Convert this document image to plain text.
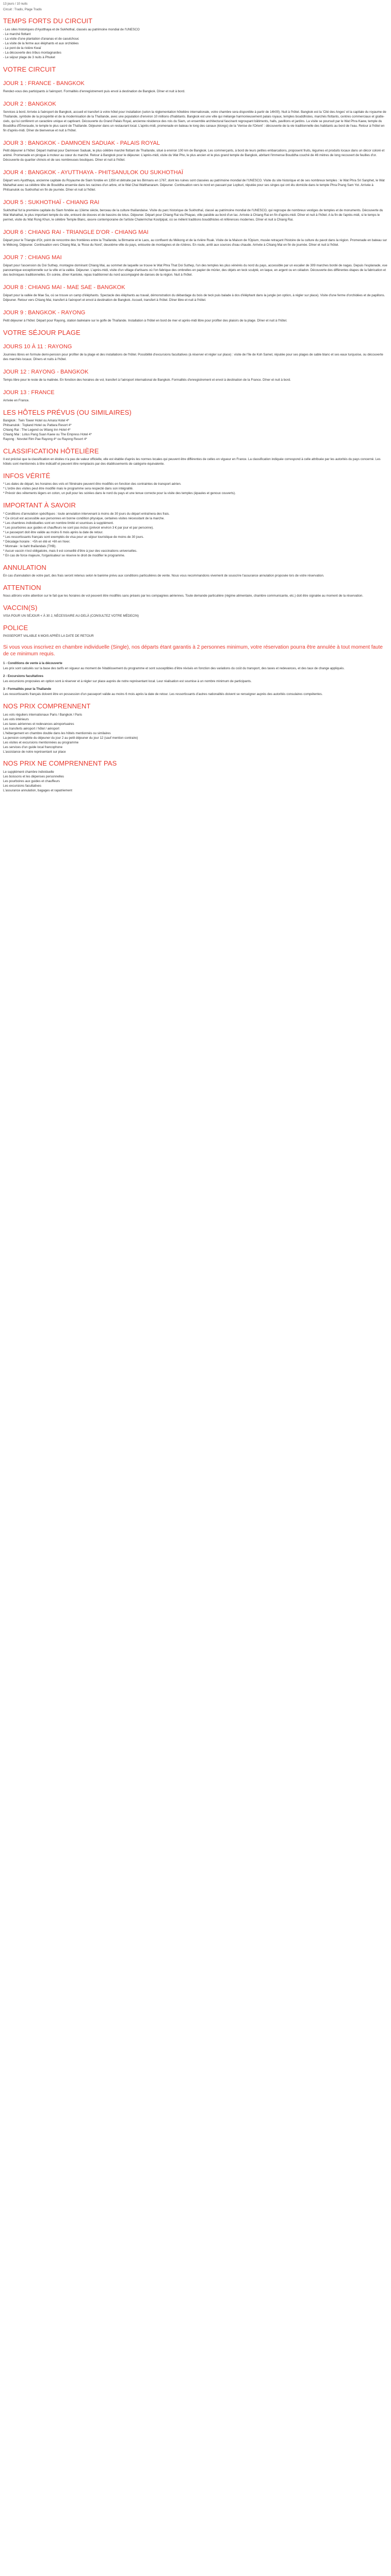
13 jours / 10 nuits
Circuit : Tradis, Plage Tradis
TEMPS FORTS DU CIRCUIT
- Les sites historiques d'Ayutthaya et de Sukhothaï, classés au patrimoine mondial de l'UNESCO
- Le marché flottant
- La visite d'une plantation d'ananas et de caoutchouc
- La visite de la ferme aux éléphants et aux orchidées
- Le pont de la rivière Kwaï
- La découverte des tribus montagnardes
- Le séjour plage de 3 nuits à Phuket
VOTRE CIRCUIT
JOUR 1 : FRANCE - BANGKOK

Rendez-vous des participants à l'aéroport. Formalités d'enregistrement puis envol à destination de Bangkok. Dîner et nuit à bord.

JOUR 2 : BANGKOK

Services à bord. Arrivée à l'aéroport de Bangkok, accueil et transfert à votre hôtel pour installation (selon la réglementation hôtelière internationale, votre chambre sera disponible à partir de 14h00). Nuit à l'hôtel. Bangkok est la 'Cité des Anges' et la capitale du royaume de Thaïlande, symbole de la prospérité et de la modernisation de la Thaïlande, avec une population d'environ 10 millions d'habitants. Bangkok est une ville qui mélange harmonieusement palais royaux, temples bouddhistes, marchés flottants, centres commerciaux et gratte-ciels, qui lui confèrent un caractère unique et captivant. Découverte du Grand Palais Royal, ancienne résidence des rois du Siam, un ensemble architectural fascinant regroupant bâtiments, halls, pavillons et jardins. La visite se poursuit par le Wat Phra Kaew, temple du Bouddha d'Émeraude, le temple le plus sacré de Thaïlande. Déjeuner dans un restaurant local. L'après-midi, promenade en bateau le long des canaux (klongs) de la 'Venise de l'Orient' : découverte de la vie traditionnelle des habitants au bord de l'eau. Retour à l'hôtel en fin d'après-midi. Dîner de bienvenue et nuit à l'hôtel.

JOUR 3 : BANGKOK - DAMNOEN SADUAK - PALAIS ROYAL

Petit déjeuner à l'hôtel. Départ matinal pour Damnoen Saduak, le plus célèbre marché flottant de Thaïlande, situé à environ 100 km de Bangkok. Les commerçants, à bord de leurs petites embarcations, proposent fruits, légumes et produits locaux dans un décor coloré et animé. Promenade en pirogue à moteur au cœur du marché. Retour à Bangkok pour le déjeuner. L'après-midi, visite du Wat Pho, le plus ancien et le plus grand temple de Bangkok, abritant l'immense Bouddha couché de 46 mètres de long recouvert de feuilles d'or. Découverte du quartier chinois et de ses nombreuses boutiques. Dîner et nuit à l'hôtel.

JOUR 4 : BANGKOK - AYUTTHAYA - PHITSANULOK OU SUKHOTHAÏ

Départ vers Ayutthaya, ancienne capitale du Royaume de Siam fondée en 1350 et détruite par les Birmans en 1767, dont les ruines sont classées au patrimoine mondial de l'UNESCO. Visite du site historique et de ses nombreux temples : le Wat Phra Sri Sanphet, le Wat Mahathat avec sa célèbre tête de Bouddha enserrée dans les racines d'un arbre, et le Wat Chai Watthanaram. Déjeuner. Continuation vers le nord en passant par Lopburi, réputée pour ses singes qui ont élu domicile dans le temple Phra Prang Sam Yot. Arrivée à Phitsanulok ou Sukhothaï en fin de journée. Dîner et nuit à l'hôtel.

JOUR 5 : SUKHOTHAÏ - CHIANG RAI

Sukhothaï fut la première capitale du Siam fondée au 13ème siècle, berceau de la culture thaïlandaise. Visite du parc historique de Sukhothaï, classé au patrimoine mondial de l'UNESCO, qui regroupe de nombreux vestiges de temples et de monuments. Découverte du Wat Mahathat, le plus important temple du site, entouré de douves et de bassins de lotus. Déjeuner. Départ pour Chiang Rai via Phayao, ville paisible au bord d'un lac. Arrivée à Chiang Rai en fin d'après-midi. Dîner et nuit à l'hôtel. A la fin de l'après-midi, si le temps le permet, visite du Wat Rong Khun, le célèbre Temple Blanc, œuvre contemporaine de l'artiste Chalermchai Kositpipat, où se mêlent traditions bouddhistes et références modernes. Dîner et nuit à Chiang Rai.

JOUR 6 : CHIANG RAI - TRIANGLE D'OR - CHIANG MAI

Départ pour le Triangle d'Or, point de rencontre des frontières entre la Thaïlande, la Birmanie et le Laos, au confluent du Mékong et de la rivière Ruak. Visite de la Maison de l'Opium, musée retraçant l'histoire de la culture du pavot dans la région. Promenade en bateau sur le Mékong. Déjeuner. Continuation vers Chiang Mai, la 'Rose du Nord', deuxième ville du pays, entourée de montagnes et de rizières. En route, arrêt aux sources d'eau chaude. Arrivée à Chiang Mai en fin de journée. Dîner et nuit à l'hôtel.

JOUR 7 : CHIANG MAI

Départ pour l'ascension du Doi Suthep, montagne dominant Chiang Mai, au sommet de laquelle se trouve le Wat Phra That Doi Suthep, l'un des temples les plus vénérés du nord du pays, accessible par un escalier de 309 marches bordé de nagas. Depuis l'esplanade, vue panoramique exceptionnelle sur la ville et la vallée. Déjeuner. L'après-midi, visite d'un village d'artisans où l'on fabrique des ombrelles en papier de mûrier, des objets en teck sculpté, en laque, en argent ou en céladon. Découverte des différentes étapes de la fabrication et des techniques traditionnelles. En soirée, dîner Kantoke, repas traditionnel du nord accompagné de danses de la région. Nuit à l'hôtel.

JOUR 8 : CHIANG MAI - MAE SAE - BANGKOK

Départ pour la vallée de Mae Sa, où se trouve un camp d'éléphants. Spectacle des éléphants au travail, démonstration du débardage du bois de teck puis balade à dos d'éléphant dans la jungle (en option, à régler sur place). Visite d'une ferme d'orchidées et de papillons. Déjeuner. Retour vers Chiang Mai, transfert à l'aéroport et envol à destination de Bangkok. Accueil, transfert à l'hôtel. Dîner libre et nuit à l'hôtel.

JOUR 9 : BANGKOK - RAYONG

Petit déjeuner à l'hôtel. Départ pour Rayong, station balnéaire sur le golfe de Thaïlande. Installation à l'hôtel en bord de mer et après-midi libre pour profiter des plaisirs de la plage. Dîner et nuit à l'hôtel.

VOTRE SÉJOUR PLAGE
JOURS 10 À 11 : RAYONG

Journées libres en formule demi-pension pour profiter de la plage et des installations de l'hôtel. Possibilité d'excursions facultatives (à réserver et régler sur place) : visite de l'île de Koh Samet, réputée pour ses plages de sable blanc et ses eaux turquoise, ou découverte des marchés locaux. Dîners et nuits à l'hôtel.

JOUR 12 : RAYONG - BANGKOK

Temps libre pour le reste de la matinée. En fonction des horaires de vol, transfert à l'aéroport international de Bangkok. Formalités d'enregistrement et envol à destination de la France. Dîner et nuit à bord.

JOUR 13 : FRANCE

Arrivée en France.

LES HÔTELS PRÉVUS (OU SIMILAIRES)
Bangkok : Twin Tower Hotel ou Amara Hotel 4*
Phitsanulok : Topland Hotel ou Pattara Resort 4*
Chiang Rai : The Legend ou Wiang Inn Hotel 4*
Chiang Mai : Lotus Pang Suan Kaew ou The Empress Hotel 4*
Rayong : Novotel Rim Pae Rayong 4* ou Rayong Resort 4*
CLASSIFICATION HÔTELIÈRE

Il est précisé que la classification en étoiles n'a pas de valeur officielle, elle est établie d'après les normes locales qui peuvent être différentes de celles en vigueur en France. La classification indiquée correspond à celle attribuée par les autorités du pays concerné. Les hôtels sont mentionnés à titre indicatif et peuvent être remplacés par des établissements de catégorie équivalente.

INFOS VÉRITÉ
* Les dates de départ, les horaires des vols et l'itinéraire peuvent être modifiés en fonction des contraintes de transport aérien.
* L'ordre des visites peut être modifié mais le programme sera respecté dans son intégralité.
* Prévoir des vêtements légers en coton, un pull pour les soirées dans le nord du pays et une tenue correcte pour la visite des temples (épaules et genoux couverts).
IMPORTANT À SAVOIR
* Conditions d'annulation spécifiques : toute annulation intervenant à moins de 30 jours du départ entraînera des frais.
* Ce circuit est accessible aux personnes en bonne condition physique, certaines visites nécessitant de la marche.
* Les chambres individuelles sont en nombre limité et soumises à supplément.
* Les pourboires aux guides et chauffeurs ne sont pas inclus (prévoir environ 3 € par jour et par personne).
* Le passeport doit être valide au moins 6 mois après la date de retour.
* Les ressortissants français sont exemptés de visa pour un séjour touristique de moins de 30 jours.
* Décalage horaire : +5h en été et +6h en hiver.
* Monnaie : le baht thaïlandais (THB).
* Aucun vaccin n'est obligatoire, mais il est conseillé d'être à jour des vaccinations universelles.
* En cas de force majeure, l'organisateur se réserve le droit de modifier le programme.
ANNULATION

En cas d'annulation de votre part, des frais seront retenus selon le barème prévu aux conditions particulières de vente. Nous vous recommandons vivement de souscrire l'assurance annulation proposée lors de votre réservation.

ATTENTION

Nous attirons votre attention sur le fait que les horaires de vol peuvent être modifiés sans préavis par les compagnies aériennes. Toute demande particulière (régime alimentaire, chambre communicante, etc.) doit être signalée au moment de la réservation.

VACCIN(S)

VISA POUR UN SÉJOUR < À 30 J, NÉCESSAIRE AU-DELÀ (CONSULTEZ VOTRE MÉDECIN)

POLICE

PASSEPORT VALABLE 6 MOIS APRÈS LA DATE DE RETOUR

Si vous vous inscrivez en chambre individuelle (Single), nos départs étant garantis à 2 personnes minimum, votre réservation pourra être annulée à tout moment faute de ce minimum requis.

1 - Conditions de vente à la découverte

Les prix sont calculés sur la base des tarifs en vigueur au moment de l'établissement du programme et sont susceptibles d'être révisés en fonction des variations du coût du transport, des taxes et redevances, et des taux de change appliqués.

2 - Excursions facultatives

Les excursions proposées en option sont à réserver et à régler sur place auprès de notre représentant local. Leur réalisation est soumise à un nombre minimum de participants.

3 - Formalités pour la Thaïlande

Les ressortissants français doivent être en possession d'un passeport valide au moins 6 mois après la date de retour. Les ressortissants d'autres nationalités doivent se renseigner auprès des autorités consulaires compétentes.

NOS PRIX COMPRENNENT
Les vols réguliers internationaux Paris / Bangkok / Paris
Les vols intérieurs
Les taxes aériennes et redevances aéroportuaires
Les transferts aéroport / hôtel / aéroport
L'hébergement en chambre double dans les hôtels mentionnés ou similaires
La pension complète du déjeuner du jour 2 au petit déjeuner du jour 12 (sauf mention contraire)
Les visites et excursions mentionnées au programme
Les services d'un guide local francophone
L'assistance de notre représentant sur place
NOS PRIX NE COMPRENNENT PAS
Le supplément chambre individuelle
Les boissons et les dépenses personnelles
Les pourboires aux guides et chauffeurs
Les excursions facultatives
L'assurance annulation, bagages et rapatriement
